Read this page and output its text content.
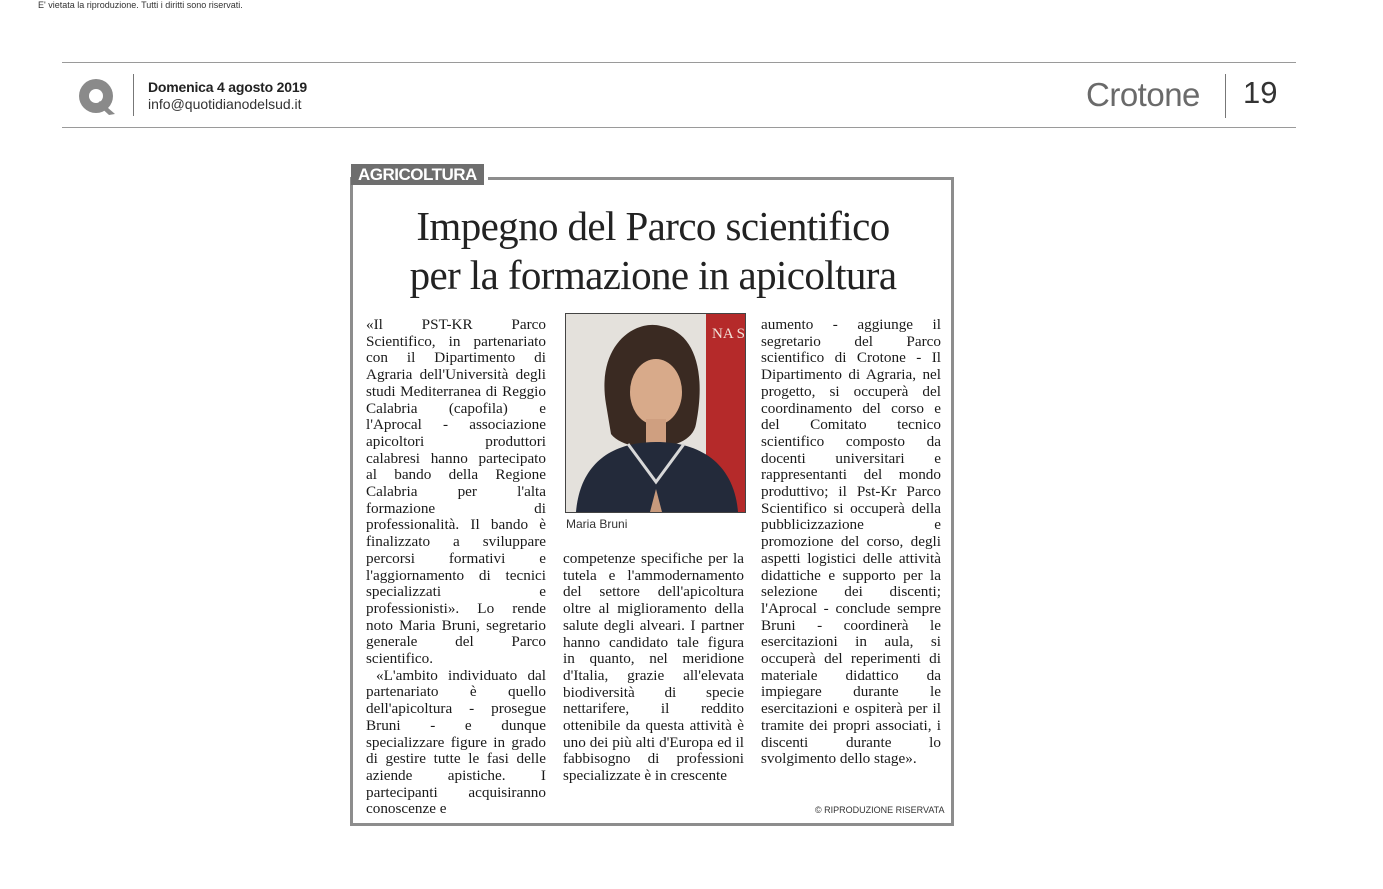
E' vietata la riproduzione. Tutti i diritti sono riservati.
Domenica 4 agosto 2019
info@quotidianodelsud.it	Crotone 19
AGRICOLTURA
Impegno del Parco scientifico
per la formazione in apicoltura

«Il PST-KR Parco Scientifico, in partenariato con il Dipartimento di Agraria dell'Università degli studi Mediterranea di Reggio Calabria (capofila) e l'Aprocal - associazione apicoltori produttori calabresi hanno partecipato al bando della Regione Calabria per l'alta formazione di professionalità. Il bando è finalizzato a sviluppare percorsi formativi e l'aggiornamento di tecnici specializzati e professionisti». Lo rende noto Maria Bruni, segretario generale del Parco scientifico.

«L'ambito individuato dal partenariato è quello dell'apicoltura - prosegue Bruni - e dunque specializzare figure in grado di gestire tutte le fasi delle aziende apistiche. I partecipanti acquisiranno conoscenze e

NA S
Maria Bruni

competenze specifiche per la tutela e l'ammodernamento del settore dell'apicoltura oltre al miglioramento della salute degli alveari. I partner hanno candidato tale figura in quanto, nel meridione d'Italia, grazie all'elevata biodiversità di specie nettarifere, il reddito ottenibile da questa attività è uno dei più alti d'Europa ed il fabbisogno di professioni specializzate è in crescente

aumento - aggiunge il segretario del Parco scientifico di Crotone - Il Dipartimento di Agraria, nel progetto, si occuperà del coordinamento del corso e del Comitato tecnico scientifico composto da docenti universitari e rappresentanti del mondo produttivo; il Pst-Kr Parco Scientifico si occuperà della pubblicizzazione e promozione del corso, degli aspetti logistici delle attività didattiche e supporto per la selezione dei discenti; l'Aprocal - conclude sempre Bruni - coordinerà le esercitazioni in aula, si occuperà del reperimenti di materiale didattico da impiegare durante le esercitazioni e ospiterà per il tramite dei propri associati, i discenti durante lo svolgimento dello stage».

© RIPRODUZIONE RISERVATA
